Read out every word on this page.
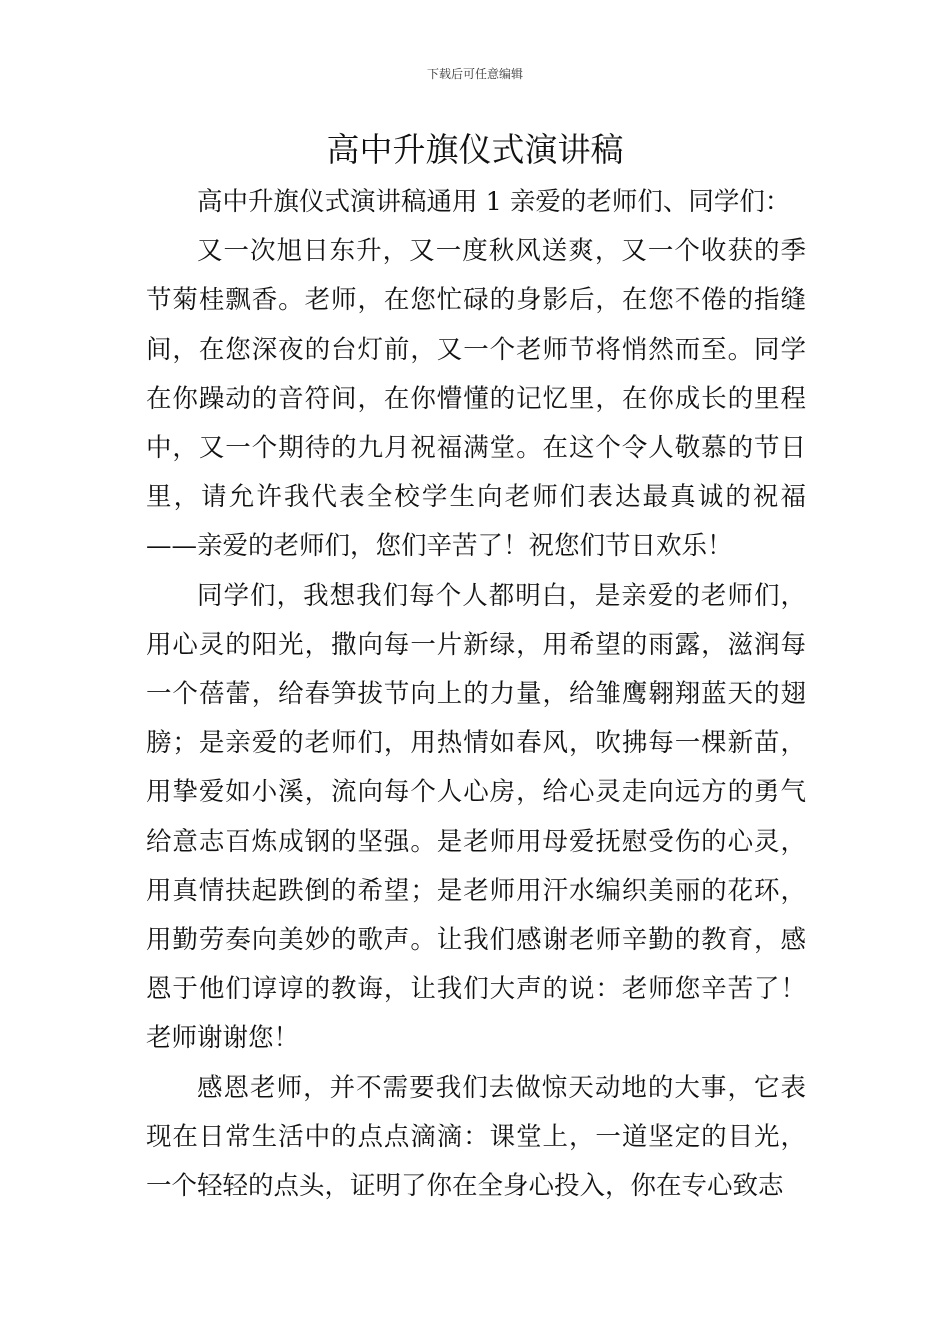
下载后可任意编辑
高中升旗仪式演讲稿

高中升旗仪式演讲稿通用 1 亲爱的老师们、同学们：

又一次旭日东升，又一度秋风送爽，又一个收获的季节菊桂飘香。老师，在您忙碌的身影后，在您不倦的指缝间，在您深夜的台灯前，又一个老师节将悄然而至。同学在你躁动的音符间，在你懵懂的记忆里，在你成长的里程中，又一个期待的九月祝福满堂。在这个令人敬慕的节日里，请允许我代表全校学生向老师们表达最真诚的祝福——亲爱的老师们，您们辛苦了！祝您们节日欢乐！

同学们，我想我们每个人都明白，是亲爱的老师们，用心灵的阳光，撒向每一片新绿，用希望的雨露，滋润每一个蓓蕾，给春笋拔节向上的力量，给雏鹰翱翔蓝天的翅膀；是亲爱的老师们，用热情如春风，吹拂每一棵新苗，用挚爱如小溪，流向每个人心房，给心灵走向远方的勇气给意志百炼成钢的坚强。是老师用母爱抚慰受伤的心灵，用真情扶起跌倒的希望；是老师用汗水编织美丽的花环，用勤劳奏向美妙的歌声。让我们感谢老师辛勤的教育，感恩于他们谆谆的教诲，让我们大声的说：老师您辛苦了！老师谢谢您！

感恩老师，并不需要我们去做惊天动地的大事，它表现在日常生活中的点点滴滴：课堂上，一道坚定的目光，一个轻轻的点头，证明了你在全身心投入，你在专心致志
